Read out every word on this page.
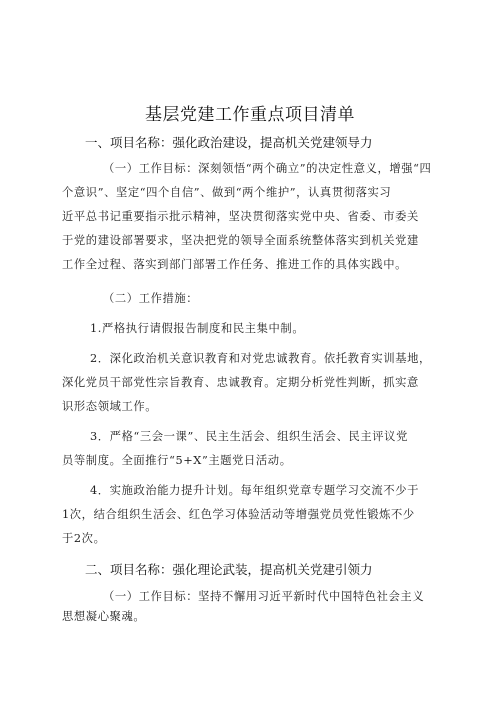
基层党建工作重点项目清单
一、项目名称：强化政治建设，提高机关党建领导力
（一）工作目标：深刻领悟“两个确立”的决定性意义，增强“四
个意识”、坚定“四个自信”、做到“两个维护”，认真贯彻落实习
近平总书记重要指示批示精神，坚决贯彻落实党中央、省委、市委关
于党的建设部署要求，坚决把党的领导全面系统整体落实到机关党建
工作全过程、落实到部门部署工作任务、推进工作的具体实践中。
（二）工作措施：
1.严格执行请假报告制度和民主集中制。
2．深化政治机关意识教育和对党忠诚教育。依托教育实训基地，
深化党员干部党性宗旨教育、忠诚教育。定期分析党性判断，抓实意
识形态领域工作。
3．严格“三会一课”、民主生活会、组织生活会、民主评议党
员等制度。全面推行“5+X”主题党日活动。
4．实施政治能力提升计划。每年组织党章专题学习交流不少于
1次，结合组织生活会、红色学习体验活动等增强党员党性锻炼不少
于2次。
二、项目名称：强化理论武装，提高机关党建引领力
（一）工作目标：坚持不懈用习近平新时代中国特色社会主义
思想凝心聚魂。
